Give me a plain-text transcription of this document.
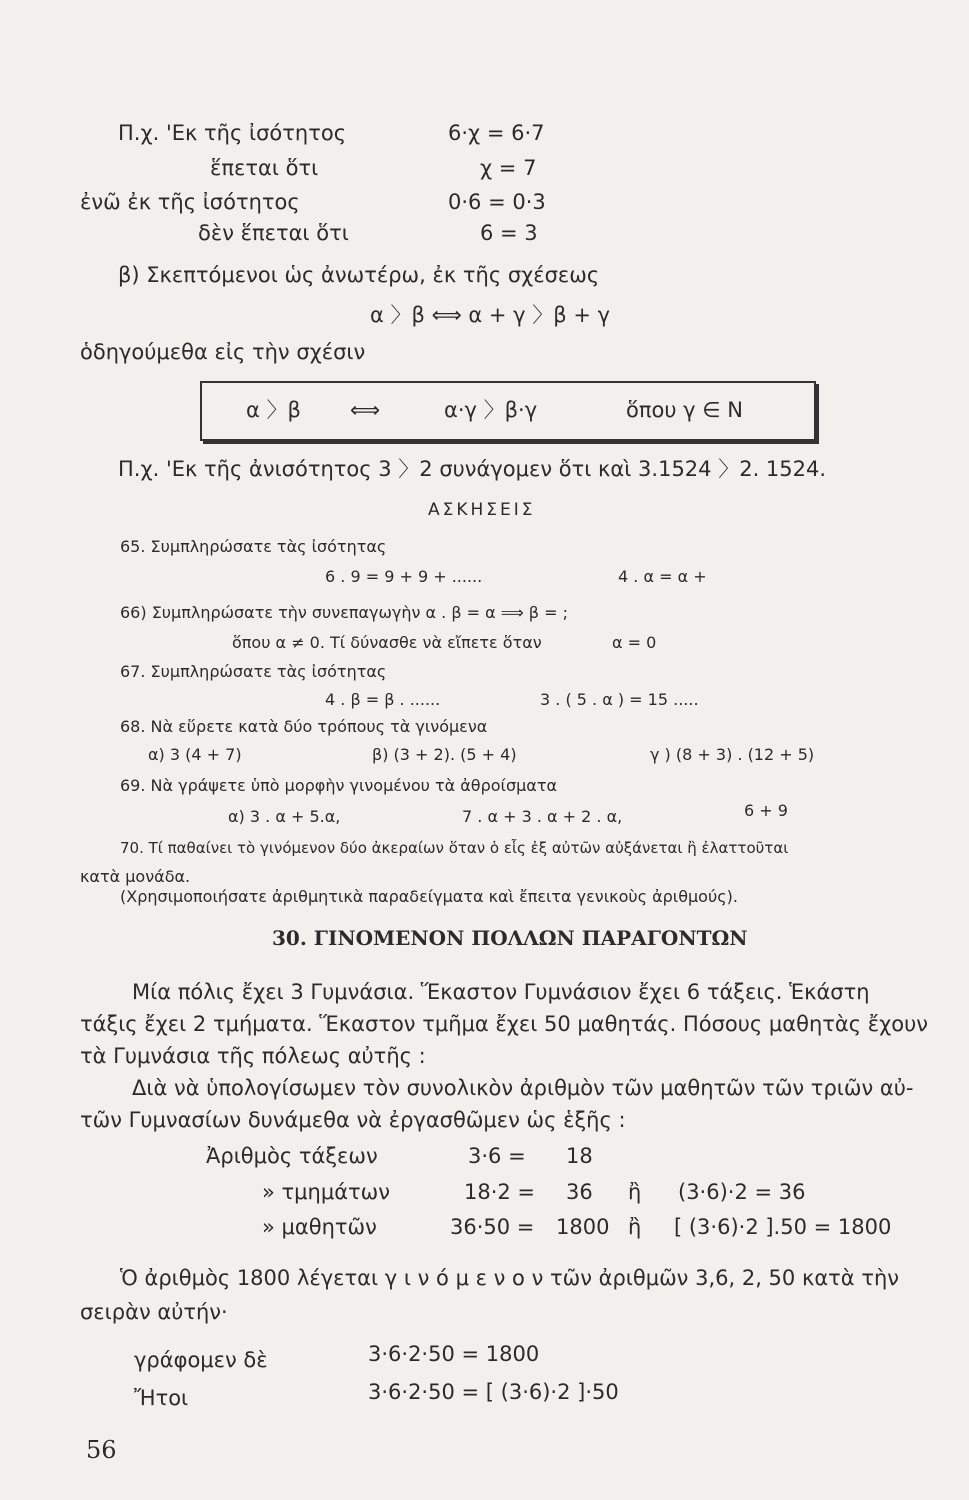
Π.χ. 'Εκ τῆς ἰσότητος	6·χ = 6·7
ἕπεται ὅτι	χ = 7
ἐνῶ ἐκ τῆς ἰσότητος	0·6 = 0·3
δὲν ἕπεται ὅτι	6 = 3
β) Σκεπτόμενοι ὡς ἀνωτέρω, ἐκ τῆς σχέσεως
α 〉β ⟺ α + γ 〉β + γ
ὁδηγούμεθα εἰς τὴν σχέσιν
α 〉β ⟺	α·γ 〉β·γ	ὅπου γ ∈ N
Π.χ. 'Εκ τῆς ἀνισότητος 3 〉2 συνάγομεν ὅτι καὶ 3.1524 〉2. 1524.
ΑΣΚΗΣΕΙΣ
65. Συμπληρώσατε τὰς ἰσότητας
6 . 9 = 9 + 9 + ......	4 . α = α +
66) Συμπληρώσατε τὴν συνεπαγωγὴν α . β = α ⟹ β = ;
ὅπου α ≠ 0. Τί δύνασθε νὰ εἴπετε ὅταν	α = 0
67. Συμπληρώσατε τὰς ἰσότητας
4 . β = β . ......	3 . ( 5 . α ) = 15 .....
68. Νὰ εὕρετε κατὰ δύο τρόπους τὰ γινόμενα
α) 3 (4 + 7)	β) (3 + 2). (5 + 4)	γ ) (8 + 3) . (12 + 5)
69. Νὰ γράψετε ὑπὸ μορφὴν γινομένου τὰ ἀθροίσματα
α) 3 . α + 5.α,	7 . α + 3 . α + 2 . α,	6 + 9
70. Τί παθαίνει τὸ γινόμενον δύο ἀκεραίων ὅταν ὁ εἷς ἐξ αὐτῶν αὐξάνεται ἢ ἐλαττοῦται
κατὰ μονάδα.
(Χρησιμοποιήσατε ἀριθμητικὰ παραδείγματα καὶ ἔπειτα γενικοὺς ἀριθμούς).
30. ΓΙΝΟΜΕΝΟΝ ΠΟΛΛΩΝ ΠΑΡΑΓΟΝΤΩΝ
Μία πόλις ἔχει 3 Γυμνάσια. Ἕκαστον Γυμνάσιον ἔχει 6 τάξεις. Ἑκάστη
τάξις ἔχει 2 τμήματα. Ἕκαστον τμῆμα ἔχει 50 μαθητάς. Πόσους μαθητὰς ἔχουν
τὰ Γυμνάσια τῆς πόλεως αὐτῆς :
Διὰ νὰ ὑπολογίσωμεν τὸν συνολικὸν ἀριθμὸν τῶν μαθητῶν τῶν τριῶν αὐ-
τῶν Γυμνασίων δυνάμεθα νὰ ἐργασθῶμεν ὡς ἑξῆς :
Ἀριθμὸς τάξεων	3·6 = 18
» τμημάτων	18·2 = 36 ἢ (3·6)·2 = 36
» μαθητῶν	36·50 = 1800 ἢ [ (3·6)·2 ].50 = 1800
Ὁ ἀριθμὸς 1800 λέγεται γ ι ν ό μ ε ν ο ν τῶν ἀριθμῶν 3,6, 2, 50 κατὰ τὴν
σειρὰν αὐτήν·
γράφομεν δὲ	3·6·2·50 = 1800
Ἤτοι	3·6·2·50 = [ (3·6)·2 ]·50
56
